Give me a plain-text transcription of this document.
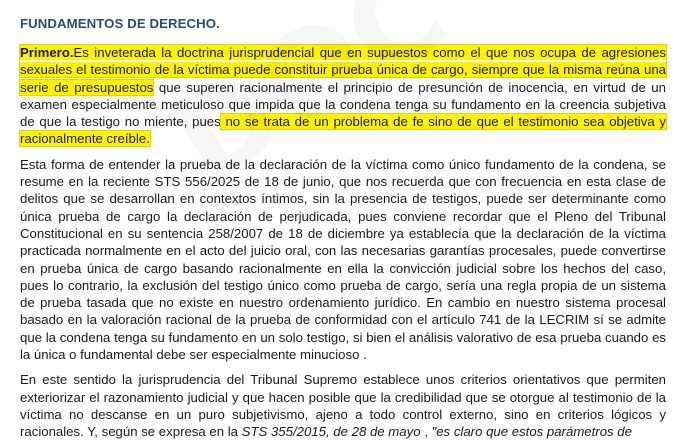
FUNDAMENTOS DE DERECHO.

Primero.Es inveterada la doctrina jurisprudencial que en supuestos como el que nos ocupa de agresiones sexuales el testimonio de la víctima puede constituir prueba única de cargo, siempre que la misma reúna una serie de presupuestos que superen racionalmente el principio de presunción de inocencia, en virtud de un examen especialmente meticuloso que impida que la condena tenga su fundamento en la creencia subjetiva de que la testigo no miente, pues no se trata de un problema de fe sino de que el testimonio sea objetiva y racionalmente creíble.

Esta forma de entender la prueba de la declaración de la víctima como único fundamento de la condena, se resume en la reciente STS 556/2025 de 18 de junio, que nos recuerda que con frecuencia en esta clase de delitos que se desarrollan en contextos íntimos, sin la presencia de testigos, puede ser determinante como única prueba de cargo la declaración de perjudicada, pues conviene recordar que el Pleno del Tribunal Constitucional en su sentencia 258/2007 de 18 de diciembre ya establecía que la declaración de la víctima practicada normalmente en el acto del juicio oral, con las necesarias garantías procesales, puede convertirse en prueba única de cargo basando racionalmente en ella la convicción judicial sobre los hechos del caso, pues lo contrario, la exclusión del testigo único como prueba de cargo, sería una regla propia de un sistema de prueba tasada que no existe en nuestro ordenamiento jurídico. En cambio en nuestro sistema procesal basado en la valoración racional de la prueba de conformidad con el artículo 741 de la LECRIM sí se admite que la condena tenga su fundamento en un solo testigo, si bien el análisis valorativo de esa prueba cuando es la única o fundamental debe ser especialmente minucioso .

En este sentido la jurisprudencia del Tribunal Supremo establece unos criterios orientativos que permiten exteriorizar el razonamiento judicial y que hacen posible que la credibilidad que se otorgue al testimonio de la víctima no descanse en un puro subjetivismo, ajeno a todo control externo, sino en criterios lógicos y racionales. Y, según se expresa en la STS 355/2015, de 28 de mayo , "es claro que estos parámetros de
